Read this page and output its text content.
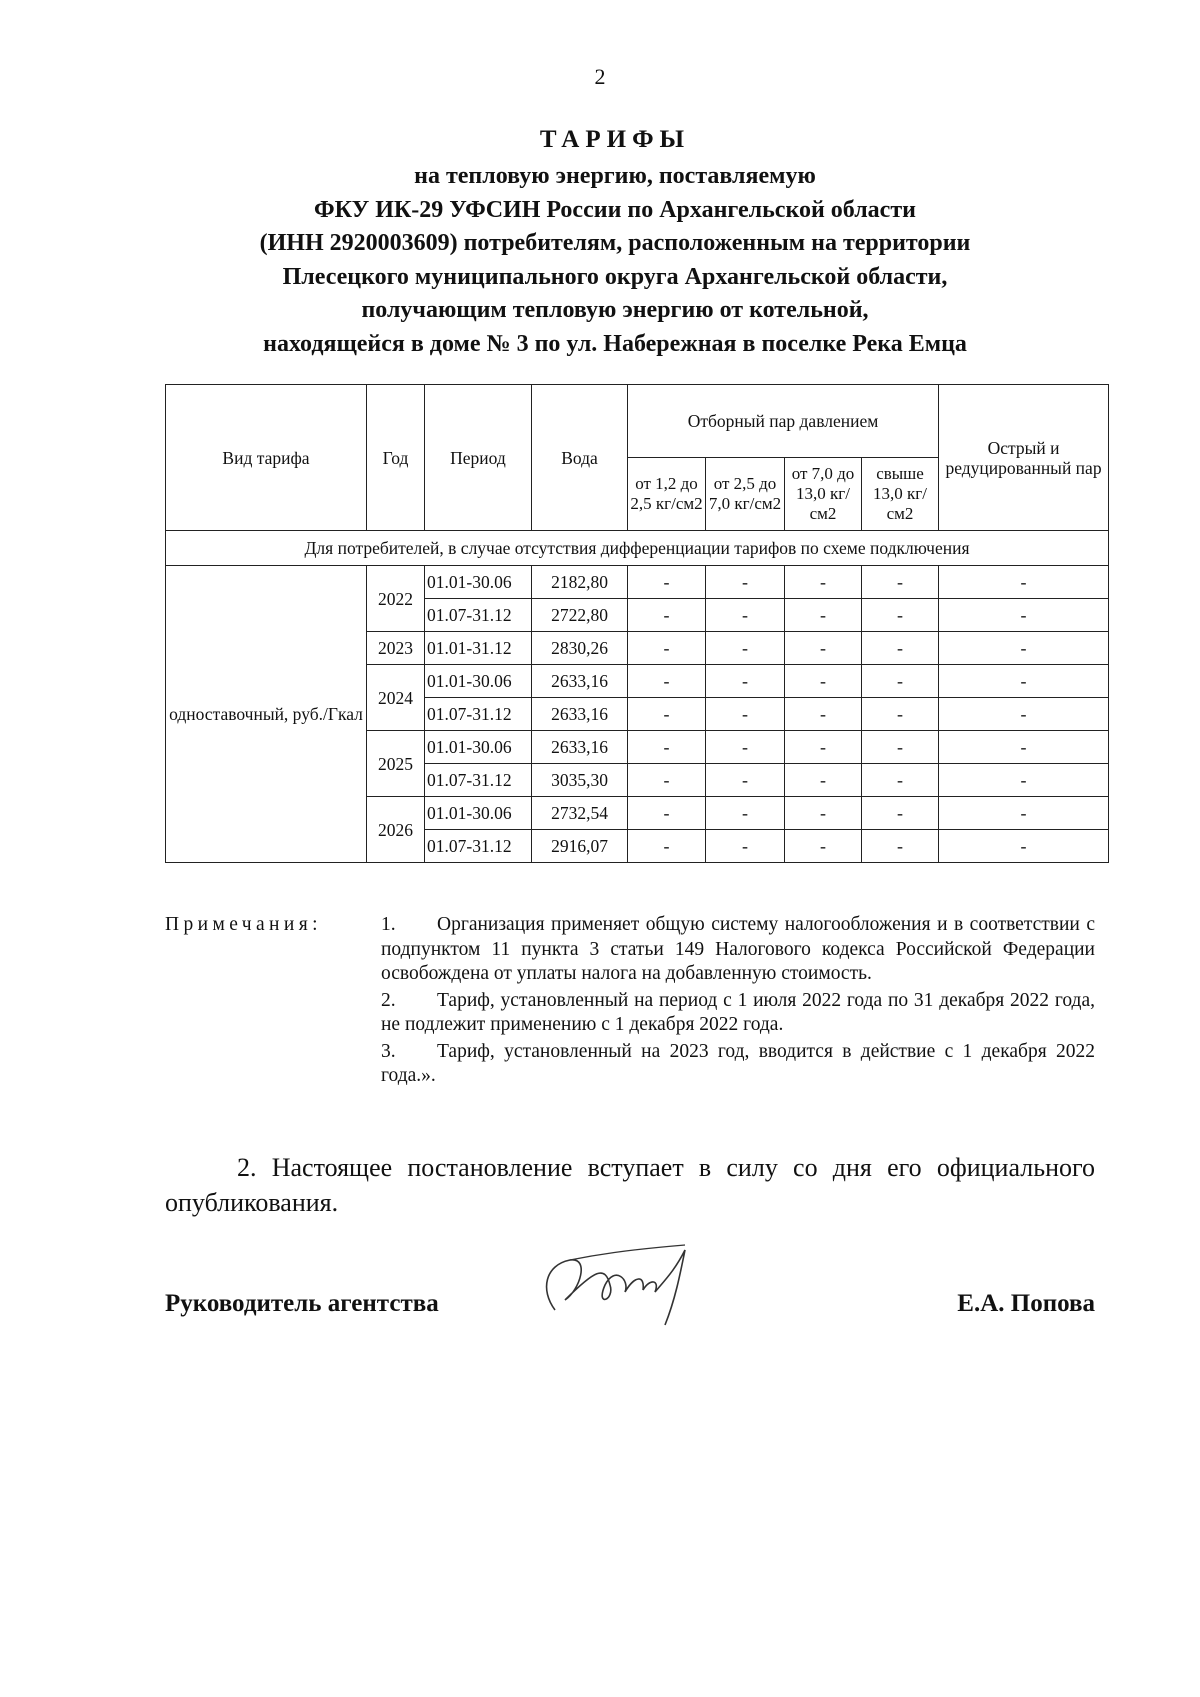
2
ТАРИФЫ
на тепловую энергию, поставляемую
ФКУ ИК-29 УФСИН России по Архангельской области
(ИНН 2920003609) потребителям, расположенным на территории
Плесецкого муниципального округа Архангельской области,
получающим тепловую энергию от котельной,
находящейся в доме № 3 по ул. Набережная в поселке Река Емца
Вид тарифа	Год	Период	Вода	Отборный пар давлением				Острый и редуцированный пар
				от 1,2 до 2,5 кг/см2	от 2,5 до 7,0 кг/см2	от 7,0 до 13,0 кг/см2	свыше 13,0 кг/см2	
Для потребителей, в случае отсутствия дифференциации тарифов по схеме подключения								
одноставочный, руб./Гкал	2022	01.01-30.06	2182,80	-	-	-	-	-
		01.07-31.12	2722,80	-	-	-	-	-
	2023	01.01-31.12	2830,26	-	-	-	-	-
	2024	01.01-30.06	2633,16	-	-	-	-	-
		01.07-31.12	2633,16	-	-	-	-	-
	2025	01.01-30.06	2633,16	-	-	-	-	-
		01.07-31.12	3035,30	-	-	-	-	-
	2026	01.01-30.06	2732,54	-	-	-	-	-
		01.07-31.12	2916,07	-	-	-	-	-
Примечания:	1. Организация применяет общую систему налогообложения и в соответствии с подпунктом 11 пункта 3 статьи 149 Налогового кодекса Российской Федерации освобождена от уплаты налога на добавленную стоимость.
2. Тариф, установленный на период с 1 июля 2022 года по 31 декабря 2022 года, не подлежит применению с 1 декабря 2022 года.
3. Тариф, установленный на 2023 год, вводится в действие с 1 декабря 2022 года.».
2. Настоящее постановление вступает в силу со дня его официального опубликования.
Руководитель агентства	Е.А. Попова
